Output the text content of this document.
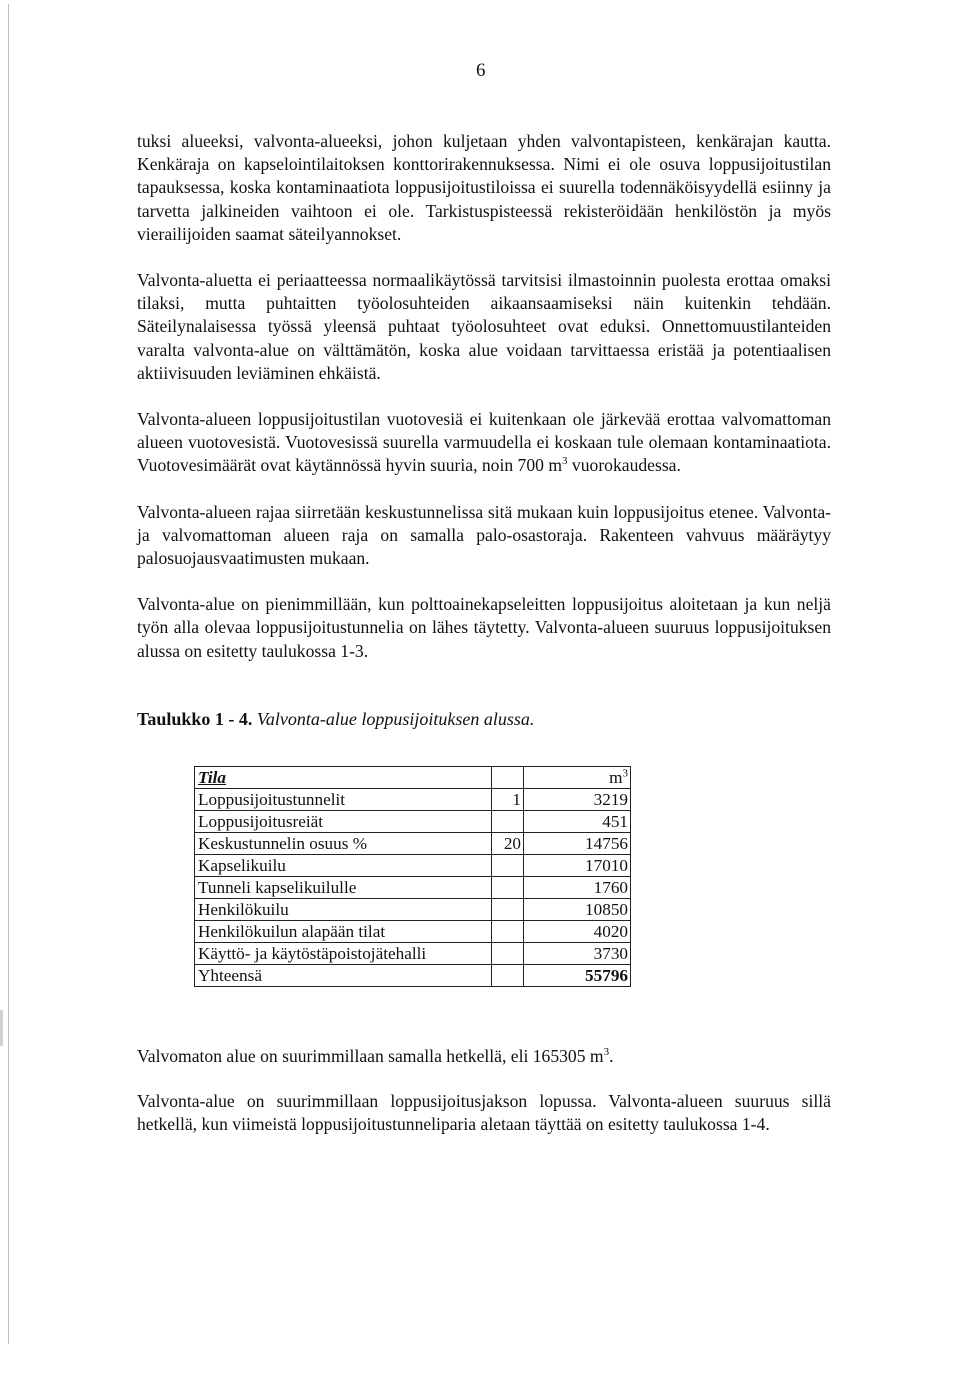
6

tuksi alueeksi, valvonta-alueeksi, johon kuljetaan yhden valvontapisteen, kenkärajan kautta. Kenkäraja on kapselointilaitoksen konttorirakennuksessa. Nimi ei ole osuva loppusijoitustilan tapauksessa, koska kontaminaatiota loppusijoitustiloissa ei suurella todennäköisyydellä esiinny ja tarvetta jalkineiden vaihtoon ei ole. Tarkistuspisteessä rekisteröidään henkilöstön ja myös vierailijoiden saamat säteilyannokset.

Valvonta-aluetta ei periaatteessa normaalikäytössä tarvitsisi ilmastoinnin puolesta erottaa omaksi tilaksi, mutta puhtaitten työolosuhteiden aikaansaamiseksi näin kuitenkin tehdään. Säteilynalaisessa työssä yleensä puhtaat työolosuhteet ovat eduksi. Onnettomuustilanteiden varalta valvonta-alue on välttämätön, koska alue voidaan tarvittaessa eristää ja potentiaalisen aktiivisuuden leviäminen ehkäistä.

Valvonta-alueen loppusijoitustilan vuotovesiä ei kuitenkaan ole järkevää erottaa valvomattoman alueen vuotovesistä. Vuotovesissä suurella varmuudella ei koskaan tule olemaan kontaminaatiota. Vuotovesimäärät ovat käytännössä hyvin suuria, noin 700 $m^3$ vuorokaudessa.

Valvonta-alueen rajaa siirretään keskustunnelissa sitä mukaan kuin loppusijoitus etenee. Valvonta- ja valvomattoman alueen raja on samalla palo-osastoraja. Rakenteen vahvuus määräytyy palosuojausvaatimusten mukaan.

Valvonta-alue on pienimmillään, kun polttoainekapseleitten loppusijoitus aloitetaan ja kun neljä työn alla olevaa loppusijoitustunnelia on lähes täytetty. Valvonta-alueen suuruus loppusijoituksen alussa on esitetty taulukossa 1-3.

Taulukko 1 - 4. Valvonta-alue loppusijoituksen alussa.
Tila		$m^3$
Loppusijoitustunnelit	1	3219
Loppusijoitusreiät		451
Keskustunnelin osuus %	20	14756
Kapselikuilu		17010
Tunneli kapselikuilulle		1760
Henkilökuilu		10850
Henkilökuilun alapään tilat		4020
Käyttö- ja käytöstäpoistojätehalli		3730
Yhteensä		55796

Valvomaton alue on suurimmillaan samalla hetkellä, eli 165305 $m^3$.

Valvonta-alue on suurimmillaan loppusijoitusjakson lopussa. Valvonta-alueen suuruus sillä hetkellä, kun viimeistä loppusijoitustunneliparia aletaan täyttää on esitetty taulukossa 1-4.
